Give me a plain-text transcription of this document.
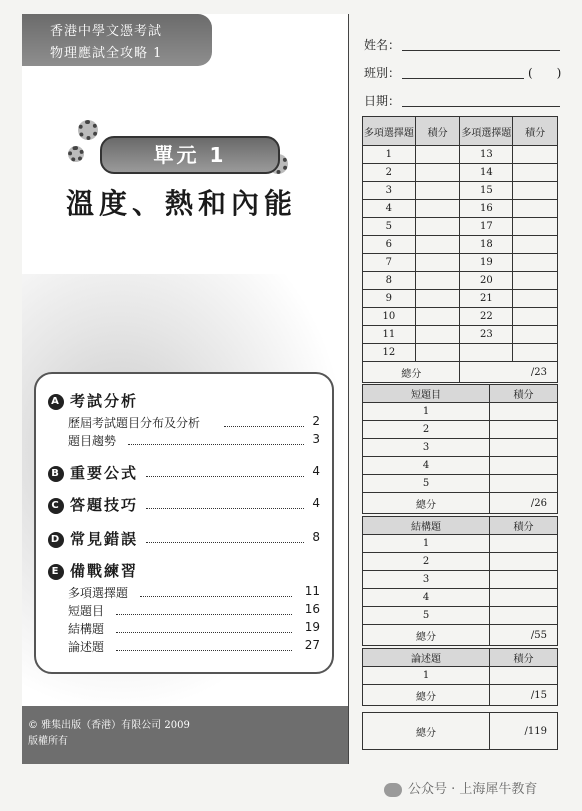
香港中學文憑考試
物理應試全攻略 1
單元 1
溫度、熱和內能
A 考試分析
歷屆考試題目分布及分析	2
題目趨勢	3
B 重要公式	4
C 答題技巧	4
D 常見錯誤	8
E 備戰練習
多項選擇題	11
短題目	16
結構題	19
論述題	27
© 雅集出版（香港）有限公司 2009
版權所有
姓名：
班別：	(　　)
日期：
多項選擇題	積分	多項選擇題	積分
1		13	
2		14	
3		15	
4		16	
5		17	
6		18	
7		19	
8		20	
9		21	
10		22	
11		23	
12			
總分		/23	
短題目	積分
1	
2	
3	
4	
5	
總分	/26
結構題	積分
1	
2	
3	
4	
5	
總分	/55
論述題	積分
1	
總分	/15
總分	/119
公众号 · 上海犀牛教育
